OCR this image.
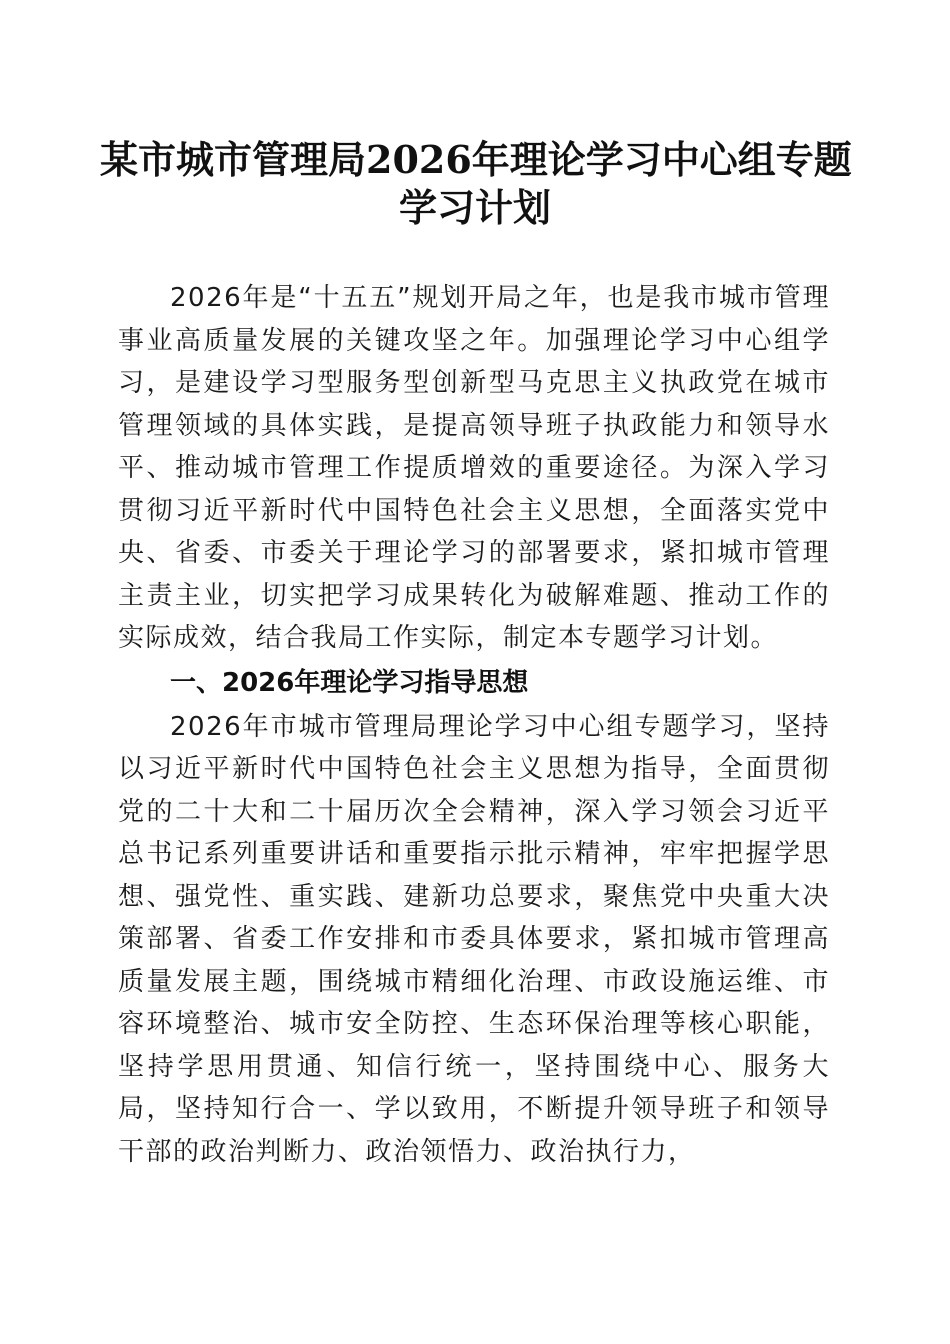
某市城市管理局2026年理论学习中心组专题
学习计划

2026年是“十五五”规划开局之年，也是我市城市管理事业高质量发展的关键攻坚之年。加强理论学习中心组学习，是建设学习型服务型创新型马克思主义执政党在城市管理领域的具体实践，是提高领导班子执政能力和领导水平、推动城市管理工作提质增效的重要途径。为深入学习贯彻习近平新时代中国特色社会主义思想，全面落实党中央、省委、市委关于理论学习的部署要求，紧扣城市管理主责主业，切实把学习成果转化为破解难题、推动工作的实际成效，结合我局工作实际，制定本专题学习计划。

一、2026年理论学习指导思想

2026年市城市管理局理论学习中心组专题学习，坚持以习近平新时代中国特色社会主义思想为指导，全面贯彻党的二十大和二十届历次全会精神，深入学习领会习近平总书记系列重要讲话和重要指示批示精神，牢牢把握学思想、强党性、重实践、建新功总要求，聚焦党中央重大决策部署、省委工作安排和市委具体要求，紧扣城市管理高质量发展主题，围绕城市精细化治理、市政设施运维、市容环境整治、城市安全防控、生态环保治理等核心职能，坚持学思用贯通、知信行统一，坚持围绕中心、服务大局，坚持知行合一、学以致用，不断提升领导班子和领导干部的政治判断力、政治领悟力、政治执行力，
